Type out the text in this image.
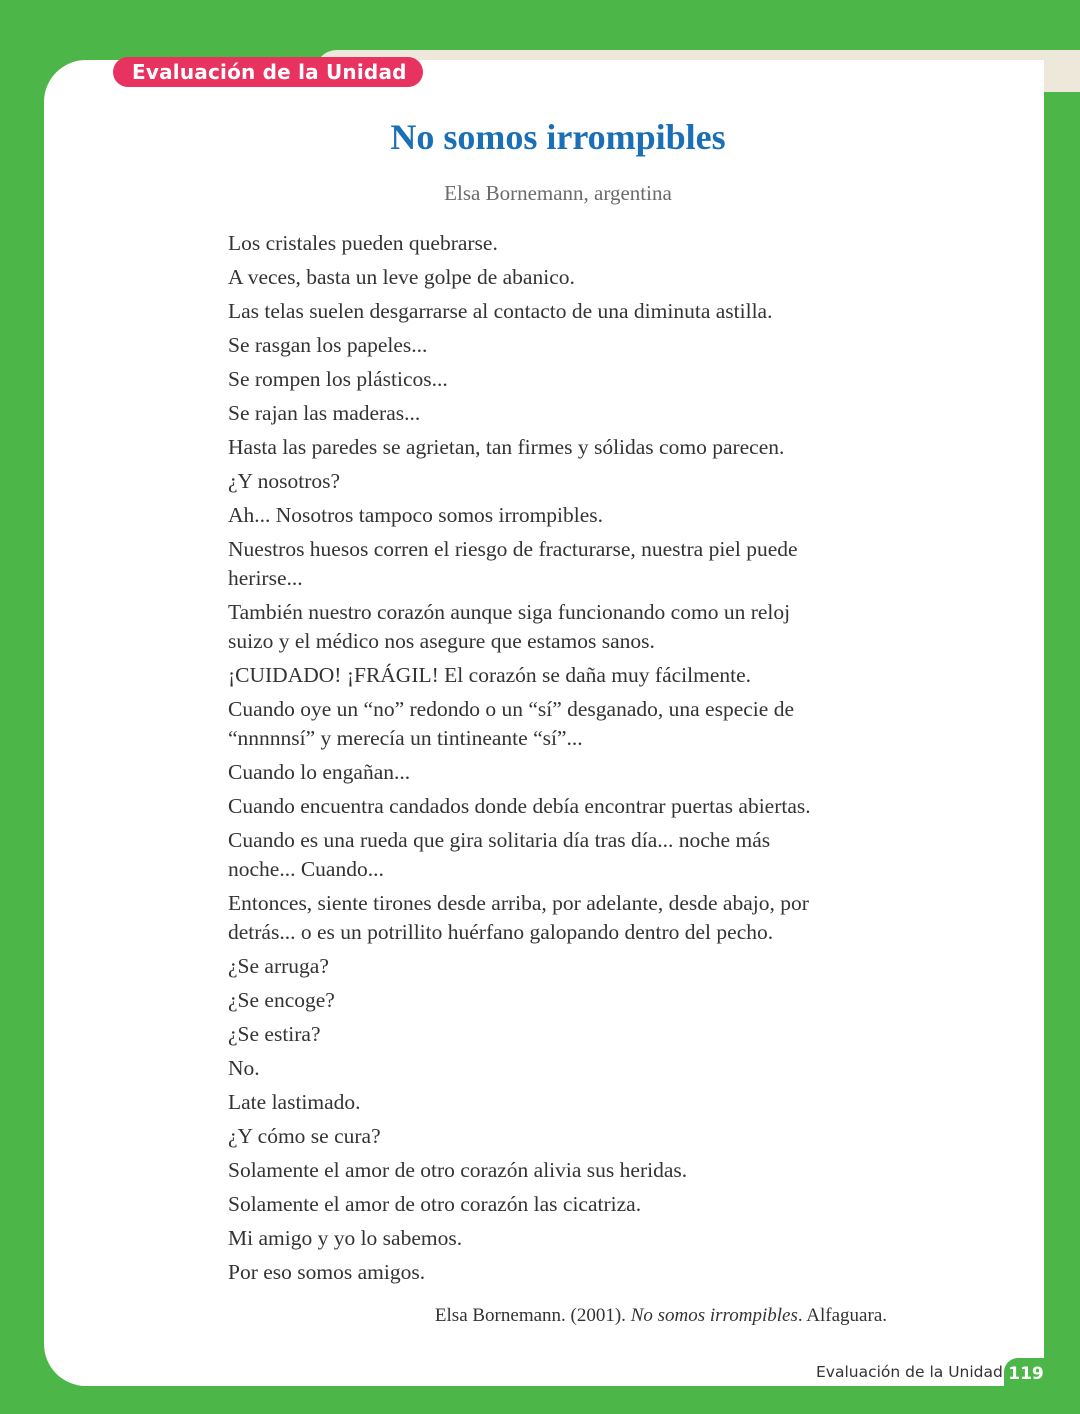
Evaluación de la Unidad
No somos irrompibles
Elsa Bornemann, argentina
Los cristales pueden quebrarse.
A veces, basta un leve golpe de abanico.
Las telas suelen desgarrarse al contacto de una diminuta astilla.
Se rasgan los papeles...
Se rompen los plásticos...
Se rajan las maderas...
Hasta las paredes se agrietan, tan firmes y sólidas como parecen.
¿Y nosotros?
Ah... Nosotros tampoco somos irrompibles.
Nuestros huesos corren el riesgo de fracturarse, nuestra piel puede
herirse...
También nuestro corazón aunque siga funcionando como un reloj
suizo y el médico nos asegure que estamos sanos.
¡CUIDADO! ¡FRÁGIL! El corazón se daña muy fácilmente.
Cuando oye un “no” redondo o un “sí” desganado, una especie de
“nnnnnsí” y merecía un tintineante “sí”...
Cuando lo engañan...
Cuando encuentra candados donde debía encontrar puertas abiertas.
Cuando es una rueda que gira solitaria día tras día... noche más
noche... Cuando...
Entonces, siente tirones desde arriba, por adelante, desde abajo, por
detrás... o es un potrillito huérfano galopando dentro del pecho.
¿Se arruga?
¿Se encoge?
¿Se estira?
No.
Late lastimado.
¿Y cómo se cura?
Solamente el amor de otro corazón alivia sus heridas.
Solamente el amor de otro corazón las cicatriza.
Mi amigo y yo lo sabemos.
Por eso somos amigos.
Elsa Bornemann. (2001). No somos irrompibles. Alfaguara.
Evaluación de la Unidad 119
